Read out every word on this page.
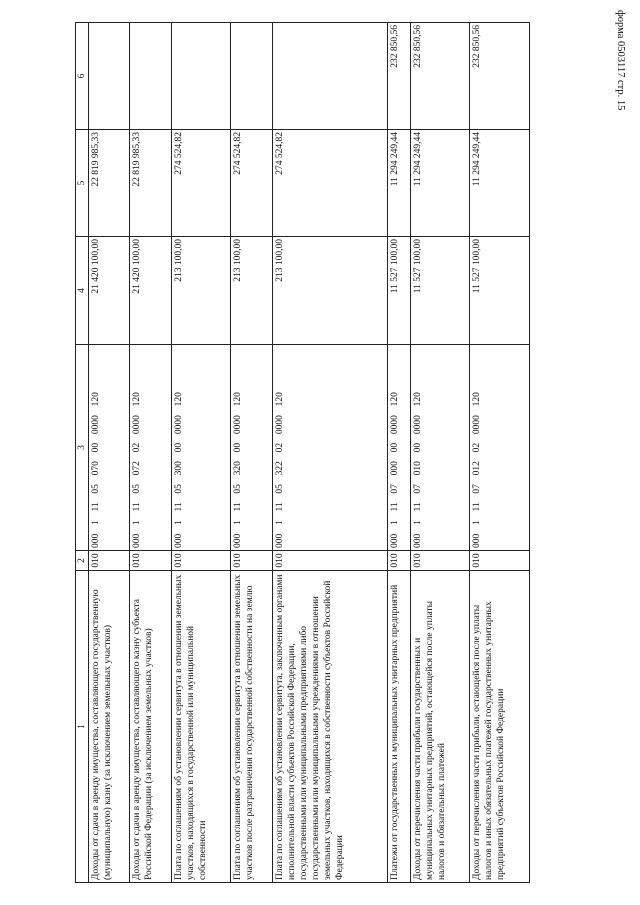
форма 0503117 стр. 15
1	2	3	4	5	6
Доходы от сдачи в аренду имущества, составляющего государственную (муниципальную) казну (за исключением земельных участков)	010	000  1  11  05  070  00  0000  120	21 420 100,00	22 819 985,33	
Доходы от сдачи в аренду имущества, составляющего казну субъекта Российской Федерации (за исключением земельных участков)	010	000  1  11  05  072  02  0000  120	21 420 100,00	22 819 985,33	
Плата по соглашениям об установлении сервитута в отношении земельных участков, находящихся в государственной или муниципальной собственности	010	000  1  11  05  300  00  0000  120	213 100,00	274 524,82	
Плата по соглашениям об установлении сервитута в отношении земельных участков после разграничения государственной собственности на землю	010	000  1  11  05  320  00  0000  120	213 100,00	274 524,82	
Плата по соглашениям об установлении сервитута, заключенным органами исполнительной власти субъектов Российской Федерации, государственными или муниципальными предприятиями либо государственными или муниципальными учреждениями в отношении земельных участков, находящихся в собственности субъектов Российской Федерации	010	000  1  11  05  322  02  0000  120	213 100,00	274 524,82	
Платежи от государственных и муниципальных унитарных предприятий	010	000  1  11  07  000  00  0000  120	11 527 100,00	11 294 249,44	232 850,56
Доходы от перечисления части прибыли государственных и муниципальных унитарных предприятий, остающейся после уплаты налогов и обязательных платежей	010	000  1  11  07  010  00  0000  120	11 527 100,00	11 294 249,44	232 850,56
Доходы от перечисления части прибыли, остающейся после уплаты налогов и иных обязательных платежей государственных унитарных предприятий субъектов Российской Федерации	010	000  1  11  07  012  02  0000  120	11 527 100,00	11 294 249,44	232 850,56
